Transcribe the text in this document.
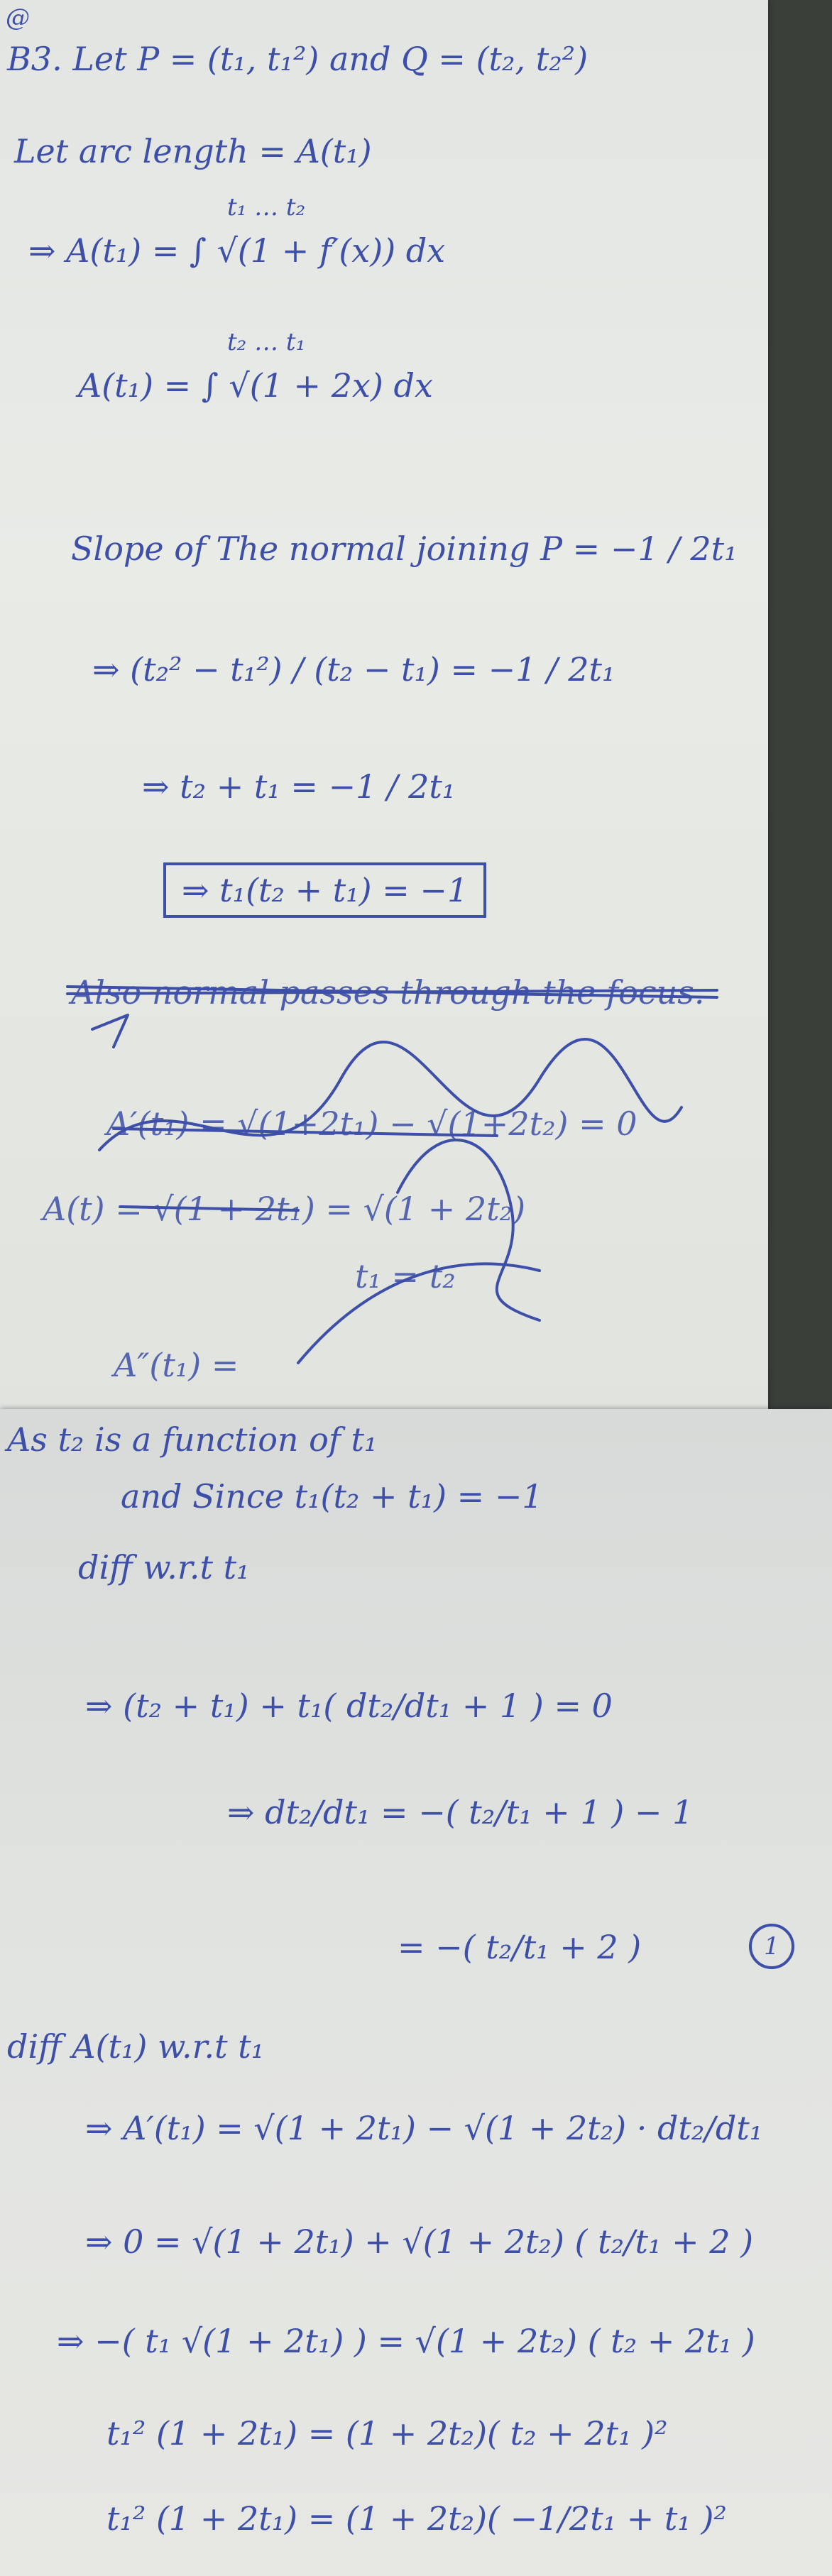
@
B3. Let P = (t₁, t₁²) and Q = (t₂, t₂²)
Let arc length = A(t₁)
⇒ A(t₁) = ∫ √(1 + f′(x)) dx
t₁ … t₂
A(t₁) = ∫ √(1 + 2x) dx
t₂ … t₁
Slope of The normal joining P = −1 / 2t₁
⇒ (t₂² − t₁²) / (t₂ − t₁) = −1 / 2t₁
⇒ t₂ + t₁ = −1 / 2t₁
⇒ t₁(t₂ + t₁) = −1
Also normal passes through the focus.
A′(t₁) = √(1+2t₁) − √(1+2t₂) = 0
A(t) = √(1 + 2t₁) = √(1 + 2t₂)
t₁ = t₂
A″(t₁) =
As t₂ is a function of t₁
and Since t₁(t₂ + t₁) = −1
diff w.r.t t₁
⇒ (t₂ + t₁) + t₁( dt₂/dt₁ + 1 ) = 0
⇒ dt₂/dt₁ = −( t₂/t₁ + 1 ) − 1
= −( t₂/t₁ + 2 )	1
diff A(t₁) w.r.t t₁
⇒ A′(t₁) = √(1 + 2t₁) − √(1 + 2t₂) · dt₂/dt₁
⇒ 0 = √(1 + 2t₁) + √(1 + 2t₂) ( t₂/t₁ + 2 )
⇒ −( t₁ √(1 + 2t₁) ) = √(1 + 2t₂) ( t₂ + 2t₁ )
t₁² (1 + 2t₁) = (1 + 2t₂)( t₂ + 2t₁ )²
t₁² (1 + 2t₁) = (1 + 2t₂)( −1/2t₁ + t₁ )²
